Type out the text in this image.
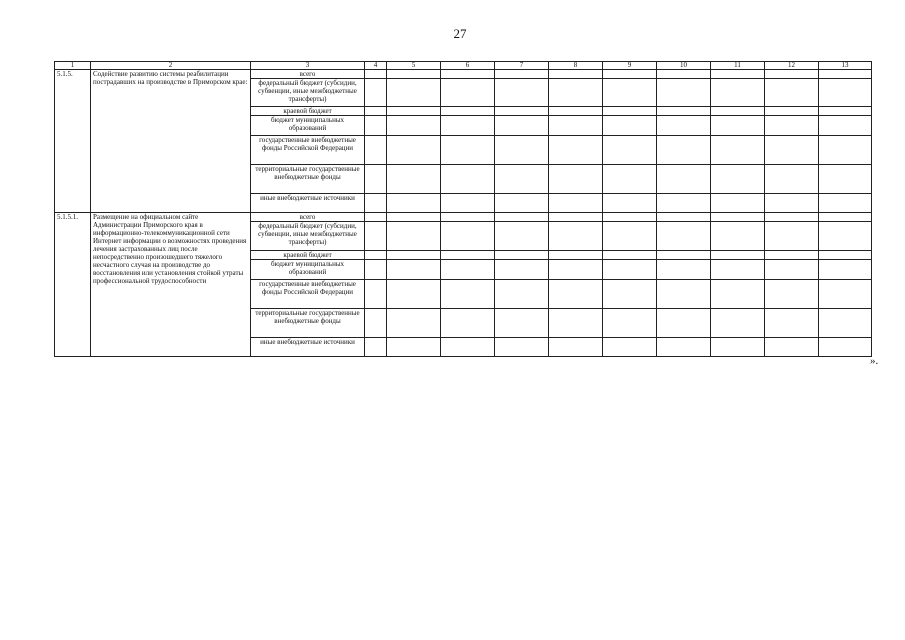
27
1	2	3	4	5	6	7	8	9	10	11	12	13
5.1.5.	Содействие развитию системы реабилитации пострадавших на производстве в Приморском крае:	всего										
		федеральный бюджет (субсидии, субвенции, иные межбюджетные трансферты)										
		краевой бюджет										
		бюджет муниципальных образований										
		государственные внебюджетные фонды Российской Федерации										
		территориальные государственные внебюджетные фонды										
		иные внебюджетные источники										
5.1.5.1.	Размещение на официальном сайте Администрации Приморского края в информационно-телекоммуникационной сети Интернет информации о возможностях проведения лечения застрахованных лиц после непосредственно произошедшего тяжелого несчастного случая на производстве до восстановления или установления стойкой утраты профессиональной трудоспособности	всего										
		федеральный бюджет (субсидии, субвенции, иные межбюджетные трансферты)										
		краевой бюджет										
		бюджет муниципальных образований										
		государственные внебюджетные фонды Российской Федерации										
		территориальные государственные внебюджетные фонды										
		иные внебюджетные источники										
».
